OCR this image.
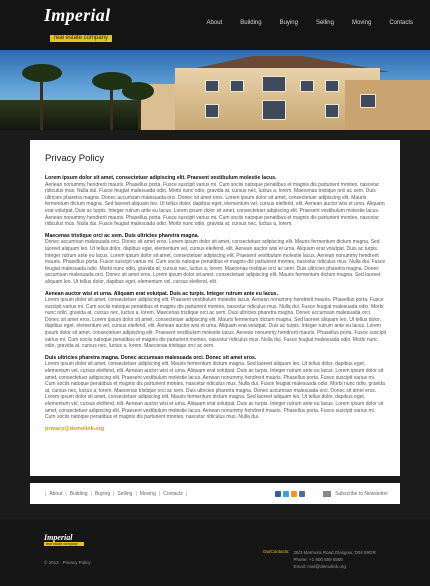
Imperial
real estate company
About	Building	Buying	Selling	Moving	Contacts
Privacy Policy
Lorem ipsum dolor sit amet, consectetuer adipiscing elit. Praesent vestibulum molestie lacus.
Aenean nonummy hendrerit mauris. Phasellus porta. Fusce suscipit varius mi. Cum sociis natoque penatibus et magnis dis parturient montes, nascetur ridiculus mus. Nulla dui. Fusce feugiat malesuada odio. Morbi nunc odio, gravida at, cursus nec, luctus a, lorem. Maecenas tristique orci ac sem. Duis ultricies pharetra magna. Donec accumsan malesuada orci. Donec sit amet eros. Lorem ipsum dolor sit amet, consectetuer adipiscing elit. Mauris fermentum dictum magna. Sed laoreet aliquam leo. Ut tellus dolor, dapibus eget, elementum vel, cursus eleifend, elit. Aenean auctor wisi et urna. Aliquam erat volutpat. Duis ac turpis. Integer rutrum ante eu lacus. Lorem ipsum dolor sit amet, consectetuer adipiscing elit. Praesent vestibulum molestie lacus. Aenean nonummy hendrerit mauris. Phasellus porta. Fusce suscipit varius mi. Cum sociis natoque penatibus et magnis dis parturient montes, nascetur ridiculus mus. Nulla dui. Fusce feugiat malesuada odio. Morbi nunc odio, gravida at, cursus nec, luctus a, lorem.
Maecenas tristique orci ac sem. Duis ultricies pharetra magna.
Donec accumsan malesuada orci. Donec sit amet eros. Lorem ipsum dolor sit amet, consectetuer adipiscing elit. Mauris fermentum dictum magna. Sed laoreet aliquam leo. Ut tellus dolor, dapibus eget, elementum vel, cursus eleifend, elit. Aenean auctor wisi et urna. Aliquam erat volutpat. Duis ac turpis. Integer rutrum ante eu lacus. Lorem ipsum dolor sit amet, consectetuer adipiscing elit. Praesent vestibulum molestie lacus. Aenean nonummy hendrerit mauris. Phasellus porta. Fusce suscipit varius mi. Cum sociis natoque penatibus et magnis dis parturient montes, nascetur ridiculus mus. Nulla dui. Fusce feugiat malesuada odio. Morbi nunc odio, gravida at, cursus nec, luctus a, lorem. Maecenas tristique orci ac sem. Duis ultricies pharetra magna. Donec accumsan malesuada orci. Donec sit amet eros. Lorem ipsum dolor sit amet, consectetuer adipiscing elit. Mauris fermentum dictum magna. Sed laoreet aliquam leo. Ut tellus dolor, dapibus eget, elementum vel, cursus eleifend, elit.
Aenean auctor wisi et urna. Aliquam erat volutpat. Duis ac turpis. Integer rutrum ante eu lacus.
Lorem ipsum dolor sit amet, consectetuer adipiscing elit. Praesent vestibulum molestie lacus. Aenean nonummy hendrerit mauris. Phasellus porta. Fusce suscipit varius mi. Cum sociis natoque penatibus et magnis dis parturient montes, nascetur ridiculus mus. Nulla dui. Fusce feugiat malesuada odio. Morbi nunc odio, gravida at, cursus nec, luctus a, lorem. Maecenas tristique orci ac sem. Duis ultricies pharetra magna. Donec accumsan malesuada orci. Donec sit amet eros. Lorem ipsum dolor sit amet, consectetuer adipiscing elit. Mauris fermentum dictum magna. Sed laoreet aliquam leo. Ut tellus dolor, dapibus eget, elementum vel, cursus eleifend, elit. Aenean auctor wisi et urna. Aliquam erat volutpat. Duis ac turpis. Integer rutrum ante eu lacus. Lorem ipsum dolor sit amet, consectetuer adipiscing elit. Praesent vestibulum molestie lacus. Aenean nonummy hendrerit mauris. Phasellus porta. Fusce suscipit varius mi. Cum sociis natoque penatibus et magnis dis parturient montes, nascetur ridiculus mus. Nulla dui. Fusce feugiat malesuada odio. Morbi nunc odio, gravida at, cursus nec, luctus a, lorem. Maecenas tristique orci ac sem.
Duis ultricies pharetra magna. Donec accumsan malesuada orci. Donec sit amet eros.
Lorem ipsum dolor sit amet, consectetuer adipiscing elit. Mauris fermentum dictum magna. Sed laoreet aliquam leo. Ut tellus dolor, dapibus eget, elementum vel, cursus eleifend, elit. Aenean auctor wisi et urna. Aliquam erat volutpat. Duis ac turpis. Integer rutrum ante eu lacus. Lorem ipsum dolor sit amet, consectetuer adipiscing elit. Praesent vestibulum molestie lacus. Aenean nonummy hendrerit mauris. Phasellus porta. Fusce suscipit varius mi. Cum sociis natoque penatibus et magnis dis parturient montes, nascetur ridiculus mus. Nulla dui. Fusce feugiat malesuada odio. Morbi nunc odio, gravida at, cursus nec, luctus a, lorem. Maecenas tristique orci ac sem. Duis ultricies pharetra magna. Donec accumsan malesuada orci. Donec sit amet eros. Lorem ipsum dolor sit amet, consectetuer adipiscing elit. Mauris fermentum dictum magna. Sed laoreet aliquam leo. Ut tellus dolor, dapibus eget, elementum vel, cursus eleifend, elit. Aenean auctor wisi et urna. Aliquam erat volutpat. Duis ac turpis. Integer rutrum ante eu lacus. Lorem ipsum dolor sit amet, consectetuer adipiscing elit. Praesent vestibulum molestie lacus. Aenean nonummy hendrerit mauris. Phasellus porta. Fusce suscipit varius mi. Cum sociis natoque penatibus et magnis dis parturient montes, nascetur ridiculus mus. Nulla dui.
privacy@demolink.org
| About | Building | Buying | Selling | Moving | Contacts |	Subscribe to Newsletter
Imperial
real estate company
© 2013 · Privacy Policy
OurContacts: 28/3 Marmora Road,Glasgow, D04 89GR
Phone: +1 800 559 6580
Email: mail@demolink.org
